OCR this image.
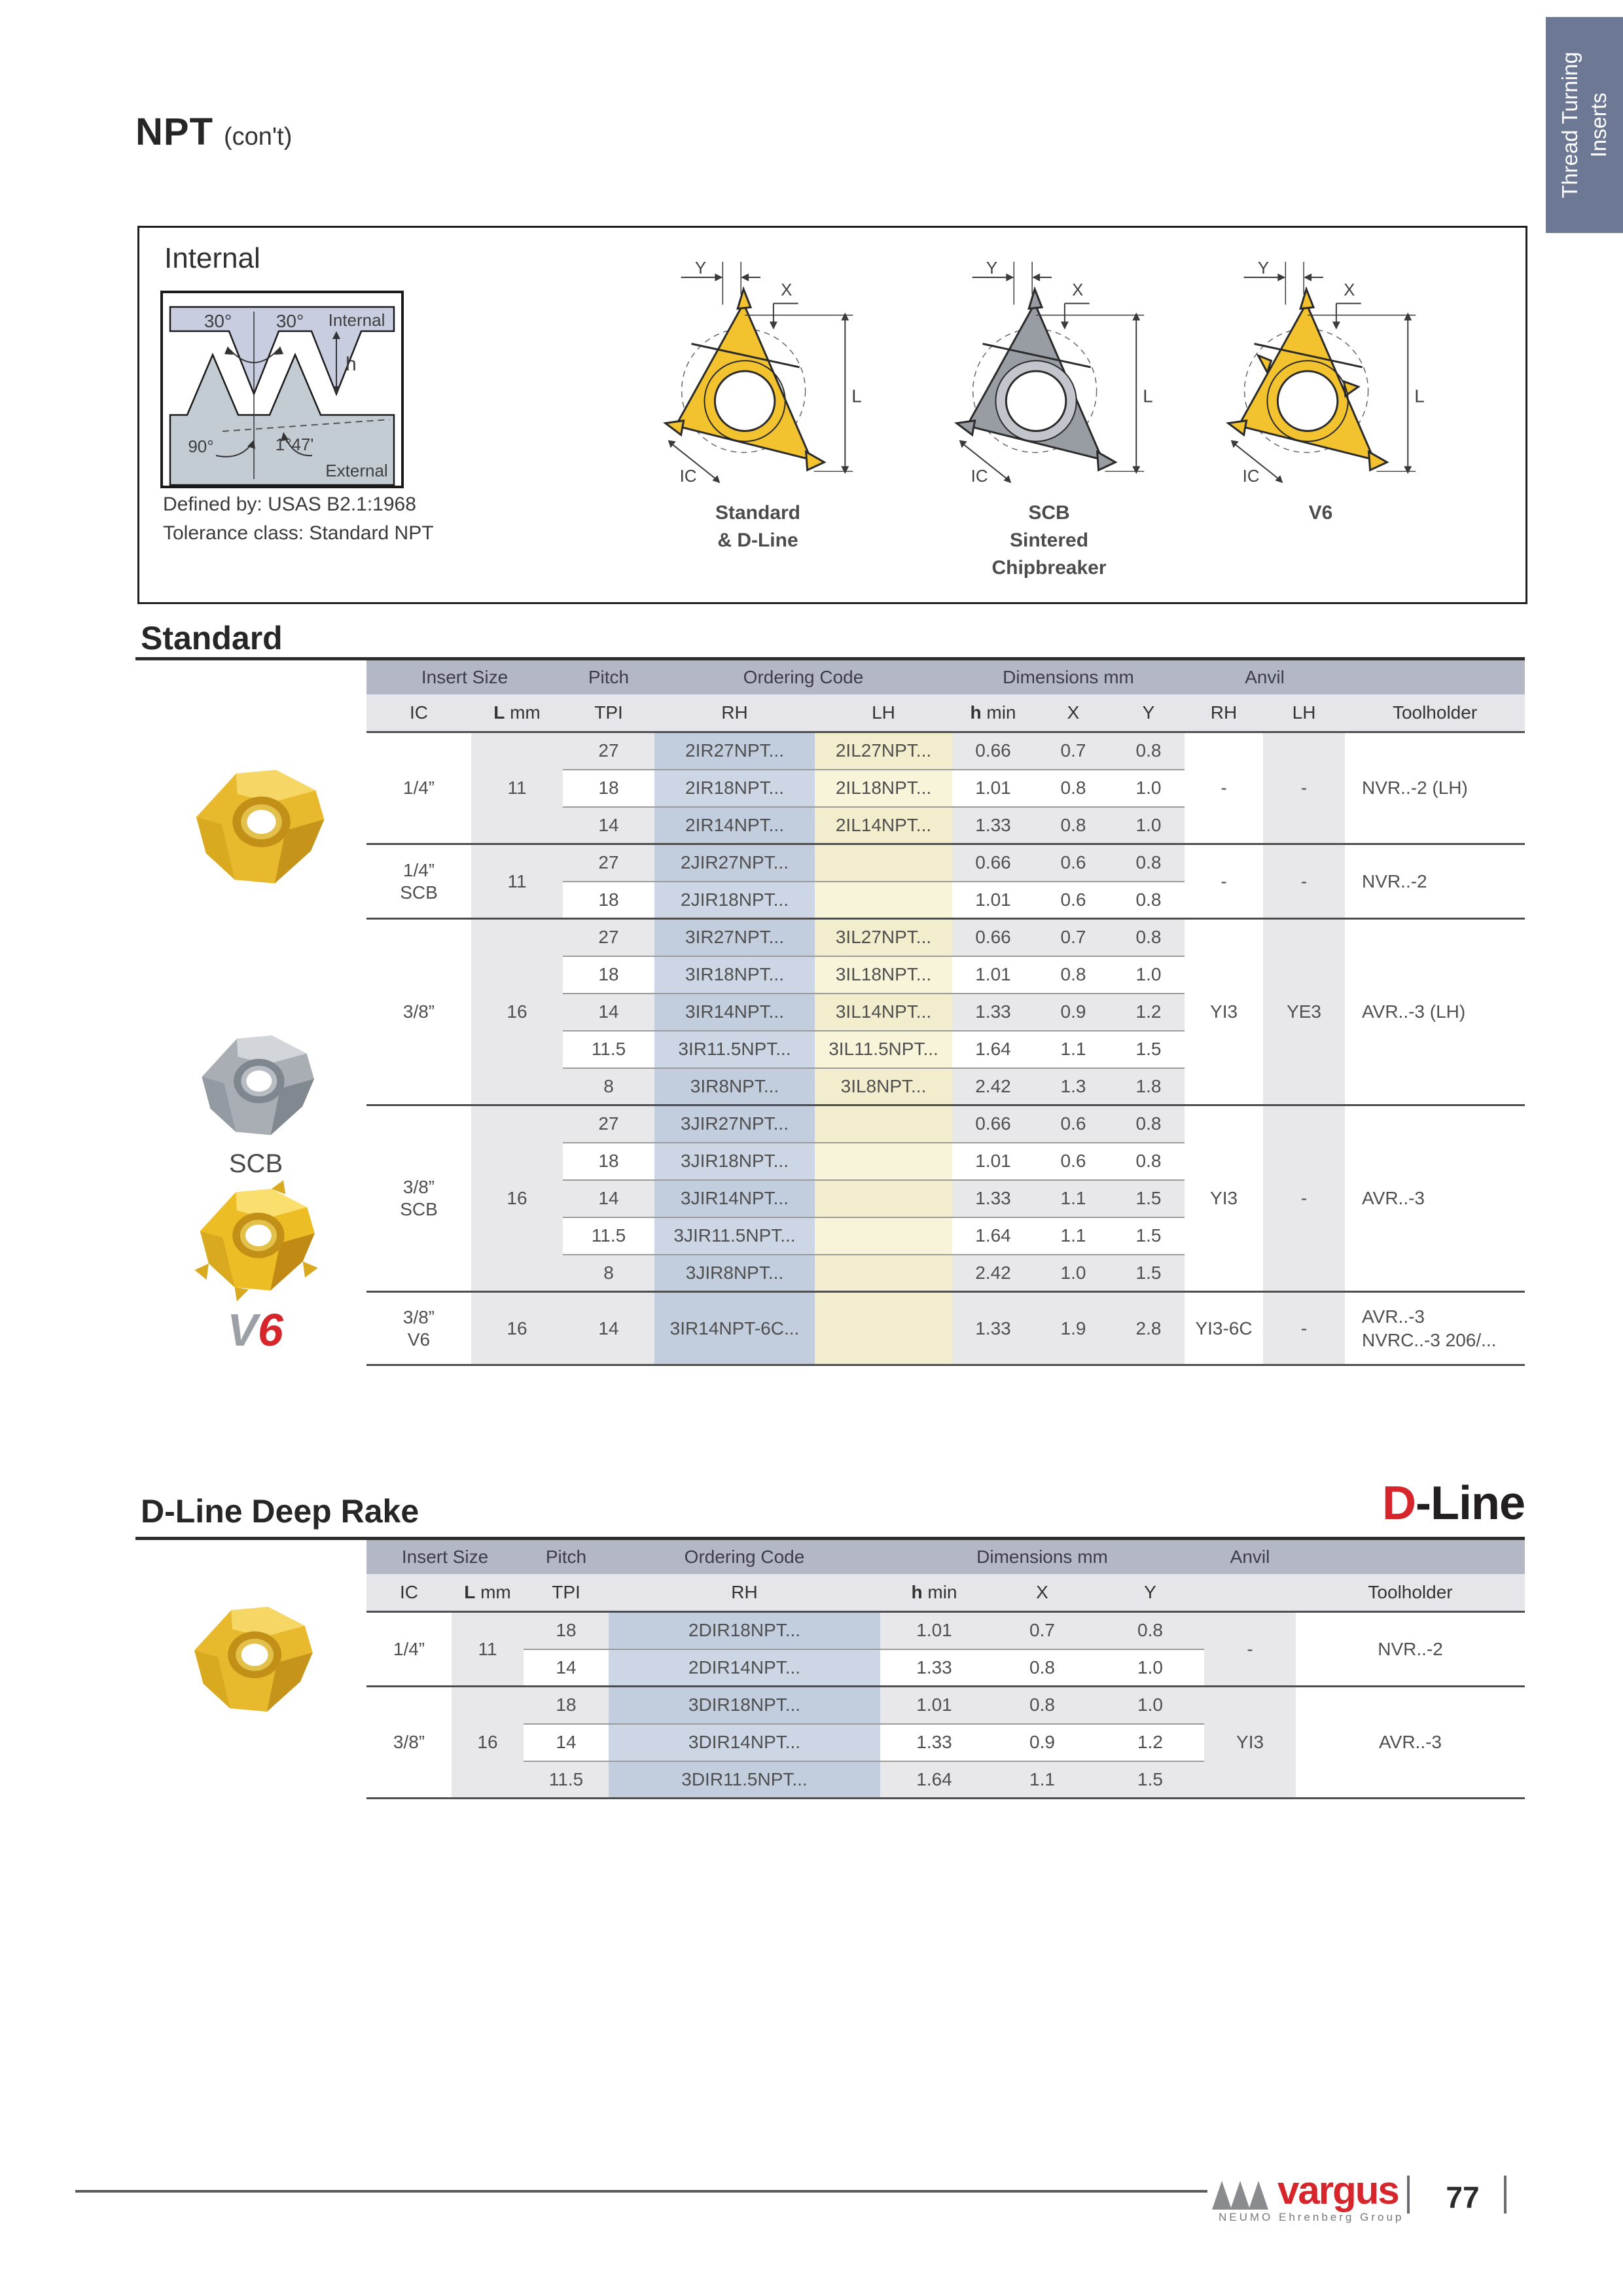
Thread Turning Inserts
NPT (con't)
Internal
30° 30° Internal
h
90°	1°47'
External
Defined by: USAS B2.1:1968
Tolerance class: Standard NPT
Y
X
L
IC
Standard
& D-Line
Y
X
L
IC
SCB
Sintered
Chipbreaker
Y
X
L
IC
V6
Standard
SCB
V6
Insert Size		Pitch	Ordering Code		Dimensions mm			Anvil		
IC	L mm	TPI	RH	LH	h min	X	Y	RH	LH	Toolholder

1/4”	11	27	2IR27NPT...	2IL27NPT...	0.66	0.7	0.8	-	-	NVR..-2 (LH)

		18	2IR18NPT...	2IL18NPT...	1.01	0.8	1.0			
		14	2IR14NPT...	2IL14NPT...	1.33	0.8	1.0			

1/4”
SCB	11	27	2JIR27NPT...		0.66	0.6	0.8	-	-	NVR..-2

		18	2JIR18NPT...		1.01	0.6	0.8			

3/8”	16	27	3IR27NPT...	3IL27NPT...	0.66	0.7	0.8	YI3	YE3	AVR..-3 (LH)

		18	3IR18NPT...	3IL18NPT...	1.01	0.8	1.0			
		14	3IR14NPT...	3IL14NPT...	1.33	0.9	1.2			
		11.5	3IR11.5NPT...	3IL11.5NPT...	1.64	1.1	1.5			
		8	3IR8NPT...	3IL8NPT...	2.42	1.3	1.8			

3/8”
SCB	16	27	3JIR27NPT...		0.66	0.6	0.8	YI3	-	AVR..-3

		18	3JIR18NPT...		1.01	0.6	0.8			
		14	3JIR14NPT...		1.33	1.1	1.5			
		11.5	3JIR11.5NPT...		1.64	1.1	1.5			
		8	3JIR8NPT...		2.42	1.0	1.5			

3/8”
V6
	16	14	3IR14NPT-6C...		1.33	1.9	2.8	YI3-6C	-	
AVR..-3
NVRC..-3 206/...
D-Line Deep Rake	D-Line
Insert Size		Pitch	Ordering Code	Dimensions mm			Anvil	
IC	L mm	TPI	RH	h min	X	Y		Toolholder
1/4”	11	18	2DIR18NPT...	1.01	0.7	0.8	-	NVR..-2
		14	2DIR14NPT...	1.33	0.8	1.0		
3/8”	16	18	3DIR18NPT...	1.01	0.8	1.0	YI3	AVR..-3
		14	3DIR14NPT...	1.33	0.9	1.2		
		11.5	3DIR11.5NPT...	1.64	1.1	1.5		
vargus
NEUMO Ehrenberg Group
77
